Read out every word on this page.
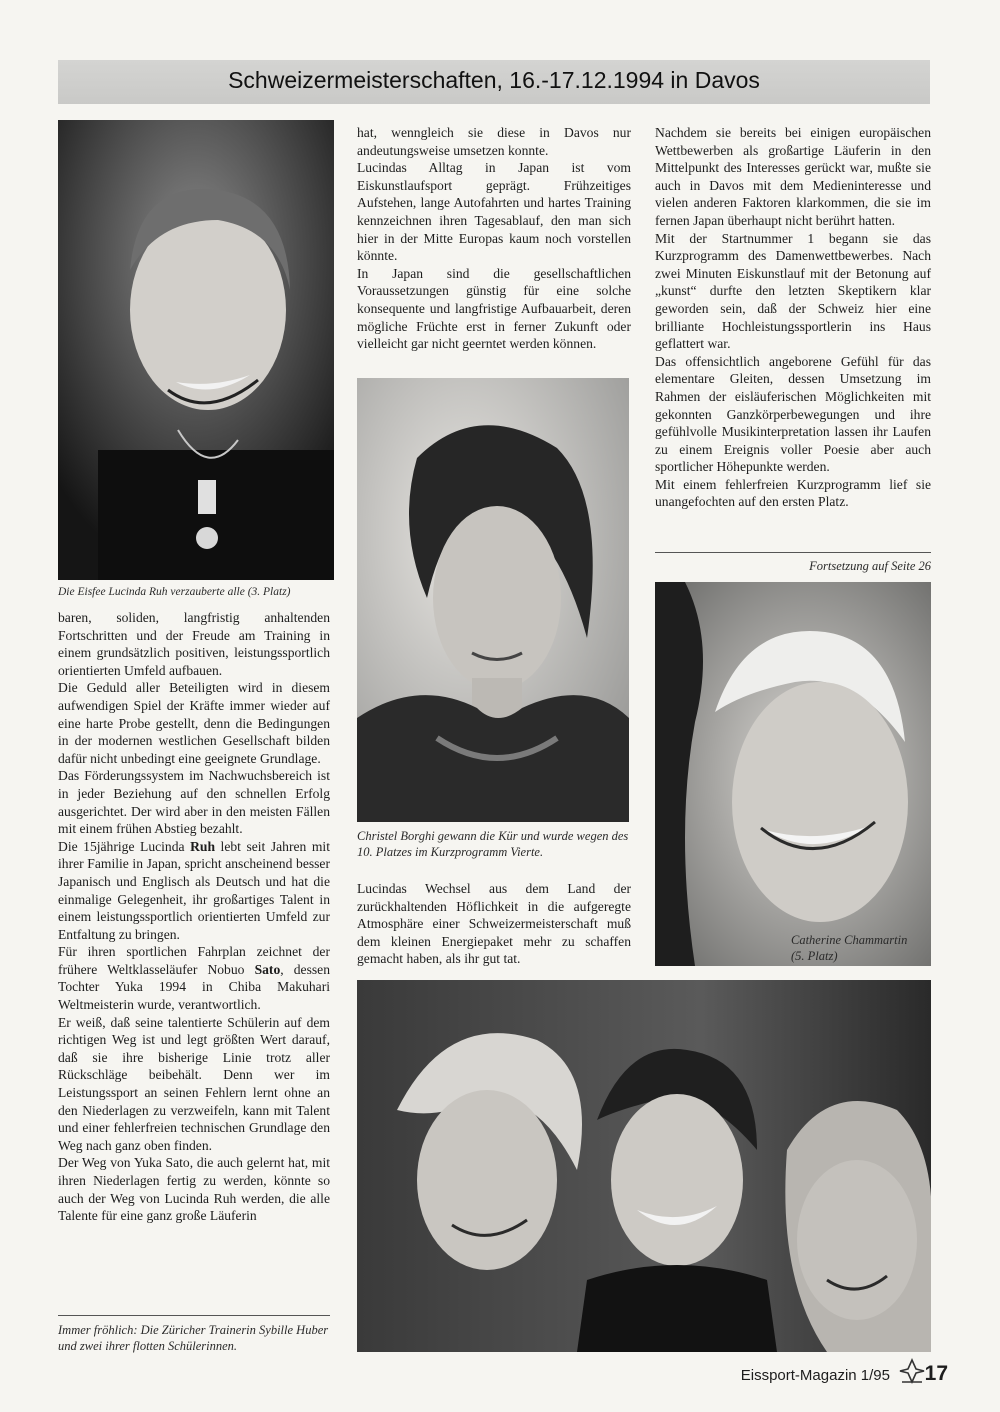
Schweizermeisterschaften, 16.-17.12.1994 in Davos
Die Eisfee Lucinda Ruh verzauberte alle (3. Platz)

baren, soliden, langfristig anhaltenden Fortschritten und der Freude am Training in einem grundsätzlich positiven, leistungssportlich orientierten Umfeld aufbauen.

Die Geduld aller Beteiligten wird in diesem aufwendigen Spiel der Kräfte immer wieder auf eine harte Probe gestellt, denn die Bedingungen in der modernen westlichen Gesellschaft bilden dafür nicht unbedingt eine geeignete Grundlage.

Das Förderungssystem im Nachwuchsbereich ist in jeder Beziehung auf den schnellen Erfolg ausgerichtet. Der wird aber in den meisten Fällen mit einem frühen Abstieg bezahlt.

Die 15jährige Lucinda Ruh lebt seit Jahren mit ihrer Familie in Japan, spricht anscheinend besser Japanisch und Englisch als Deutsch und hat die einmalige Gelegenheit, ihr großartiges Talent in einem leistungssportlich orientierten Umfeld zur Entfaltung zu bringen.

Für ihren sportlichen Fahrplan zeichnet der frühere Weltklasseläufer Nobuo Sato, dessen Tochter Yuka 1994 in Chiba Makuhari Weltmeisterin wurde, verantwortlich.

Er weiß, daß seine talentierte Schülerin auf dem richtigen Weg ist und legt größten Wert darauf, daß sie ihre bisherige Linie trotz aller Rückschläge beibehält. Denn wer im Leistungssport an seinen Fehlern lernt ohne an den Niederlagen zu verzweifeln, kann mit Talent und einer fehlerfreien technischen Grundlage den Weg nach ganz oben finden.

Der Weg von Yuka Sato, die auch gelernt hat, mit ihren Niederlagen fertig zu werden, könnte so auch der Weg von Lucinda Ruh werden, die alle Talente für eine ganz große Läuferin

Immer fröhlich: Die Züricher Trainerin Sybille Huber und zwei ihrer flotten Schülerinnen.

hat, wenngleich sie diese in Davos nur andeutungsweise umsetzen konnte.

Lucindas Alltag in Japan ist vom Eiskunstlaufsport geprägt. Frühzeitiges Aufstehen, lange Autofahrten und hartes Training kennzeichnen ihren Tagesablauf, den man sich hier in der Mitte Europas kaum noch vorstellen könnte.

In Japan sind die gesellschaftlichen Voraussetzungen günstig für eine solche konsequente und langfristige Aufbauarbeit, deren mögliche Früchte erst in ferner Zukunft oder vielleicht gar nicht geerntet werden können.

Christel Borghi gewann die Kür und wurde wegen des 10. Platzes im Kurzprogramm Vierte.

Lucindas Wechsel aus dem Land der zurückhaltenden Höflichkeit in die aufgeregte Atmosphäre einer Schweizermeisterschaft muß dem kleinen Energiepaket mehr zu schaffen gemacht haben, als ihr gut tat.

Nachdem sie bereits bei einigen europäischen Wettbewerben als großartige Läuferin in den Mittelpunkt des Interesses gerückt war, mußte sie auch in Davos mit dem Medieninteresse und vielen anderen Faktoren klarkommen, die sie im fernen Japan überhaupt nicht berührt hatten.

Mit der Startnummer 1 begann sie das Kurzprogramm des Damenwettbewerbes. Nach zwei Minuten Eiskunstlauf mit der Betonung auf „kunst“ durfte den letzten Skeptikern klar geworden sein, daß der Schweiz hier eine brilliante Hochleistungssportlerin ins Haus geflattert war.

Das offensichtlich angeborene Gefühl für das elementare Gleiten, dessen Umsetzung im Rahmen der eisläuferischen Möglichkeiten mit gekonnten Ganzkörperbewegungen und ihre gefühlvolle Musikinterpretation lassen ihr Laufen zu einem Ereignis voller Poesie aber auch sportlicher Höhepunkte werden.

Mit einem fehlerfreien Kurzprogramm lief sie unangefochten auf den ersten Platz.

Fortsetzung auf Seite 26
Catherine Chammartin
(5. Platz)
Eissport-Magazin 1/95 17
